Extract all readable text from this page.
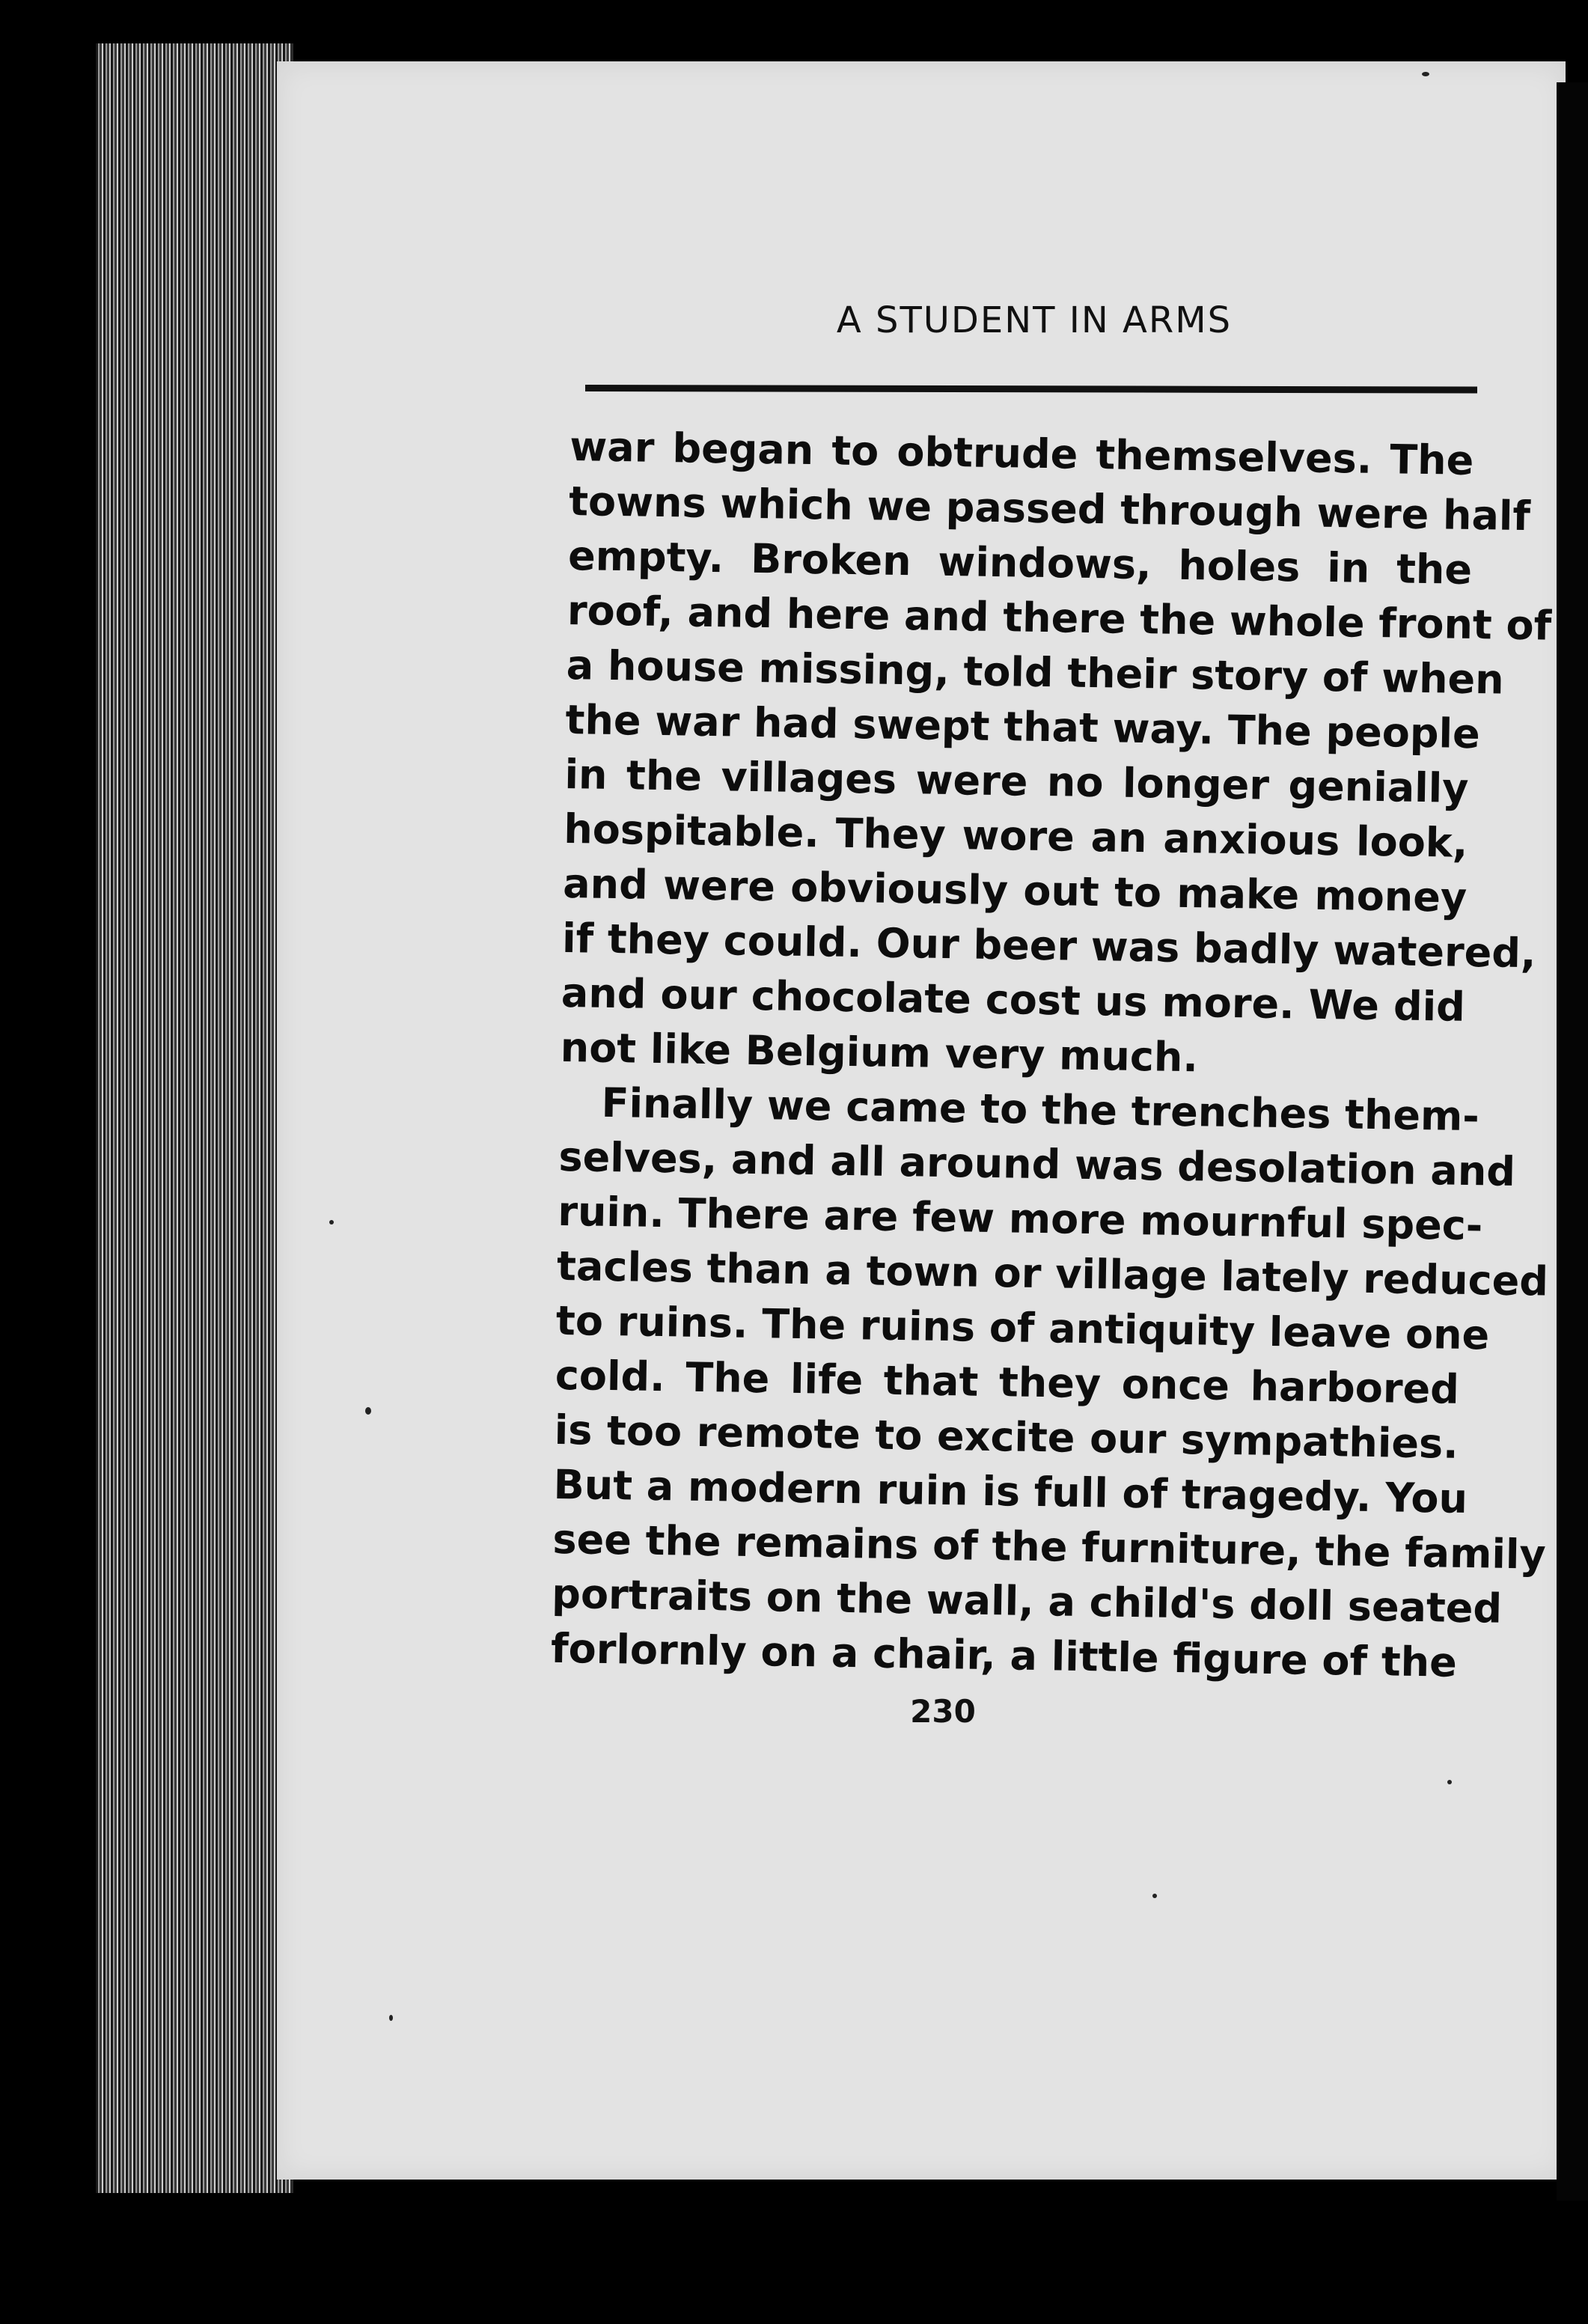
A STUDENT IN ARMS
war began to obtrude themselves. The
towns which we passed through were half
empty. Broken windows, holes in the
roof, and here and there the whole front of
a house missing, told their story of when
the war had swept that way. The people
in the villages were no longer genially
hospitable. They wore an anxious look,
and were obviously out to make money
if they could. Our beer was badly watered,
and our chocolate cost us more. We did
not like Belgium very much.
Finally we came to the trenches them-
selves, and all around was desolation and
ruin. There are few more mournful spec-
tacles than a town or village lately reduced
to ruins. The ruins of antiquity leave one
cold. The life that they once harbored
is too remote to excite our sympathies.
But a modern ruin is full of tragedy. You
see the remains of the furniture, the family
portraits on the wall, a child's doll seated
forlornly on a chair, a little figure of the
230
